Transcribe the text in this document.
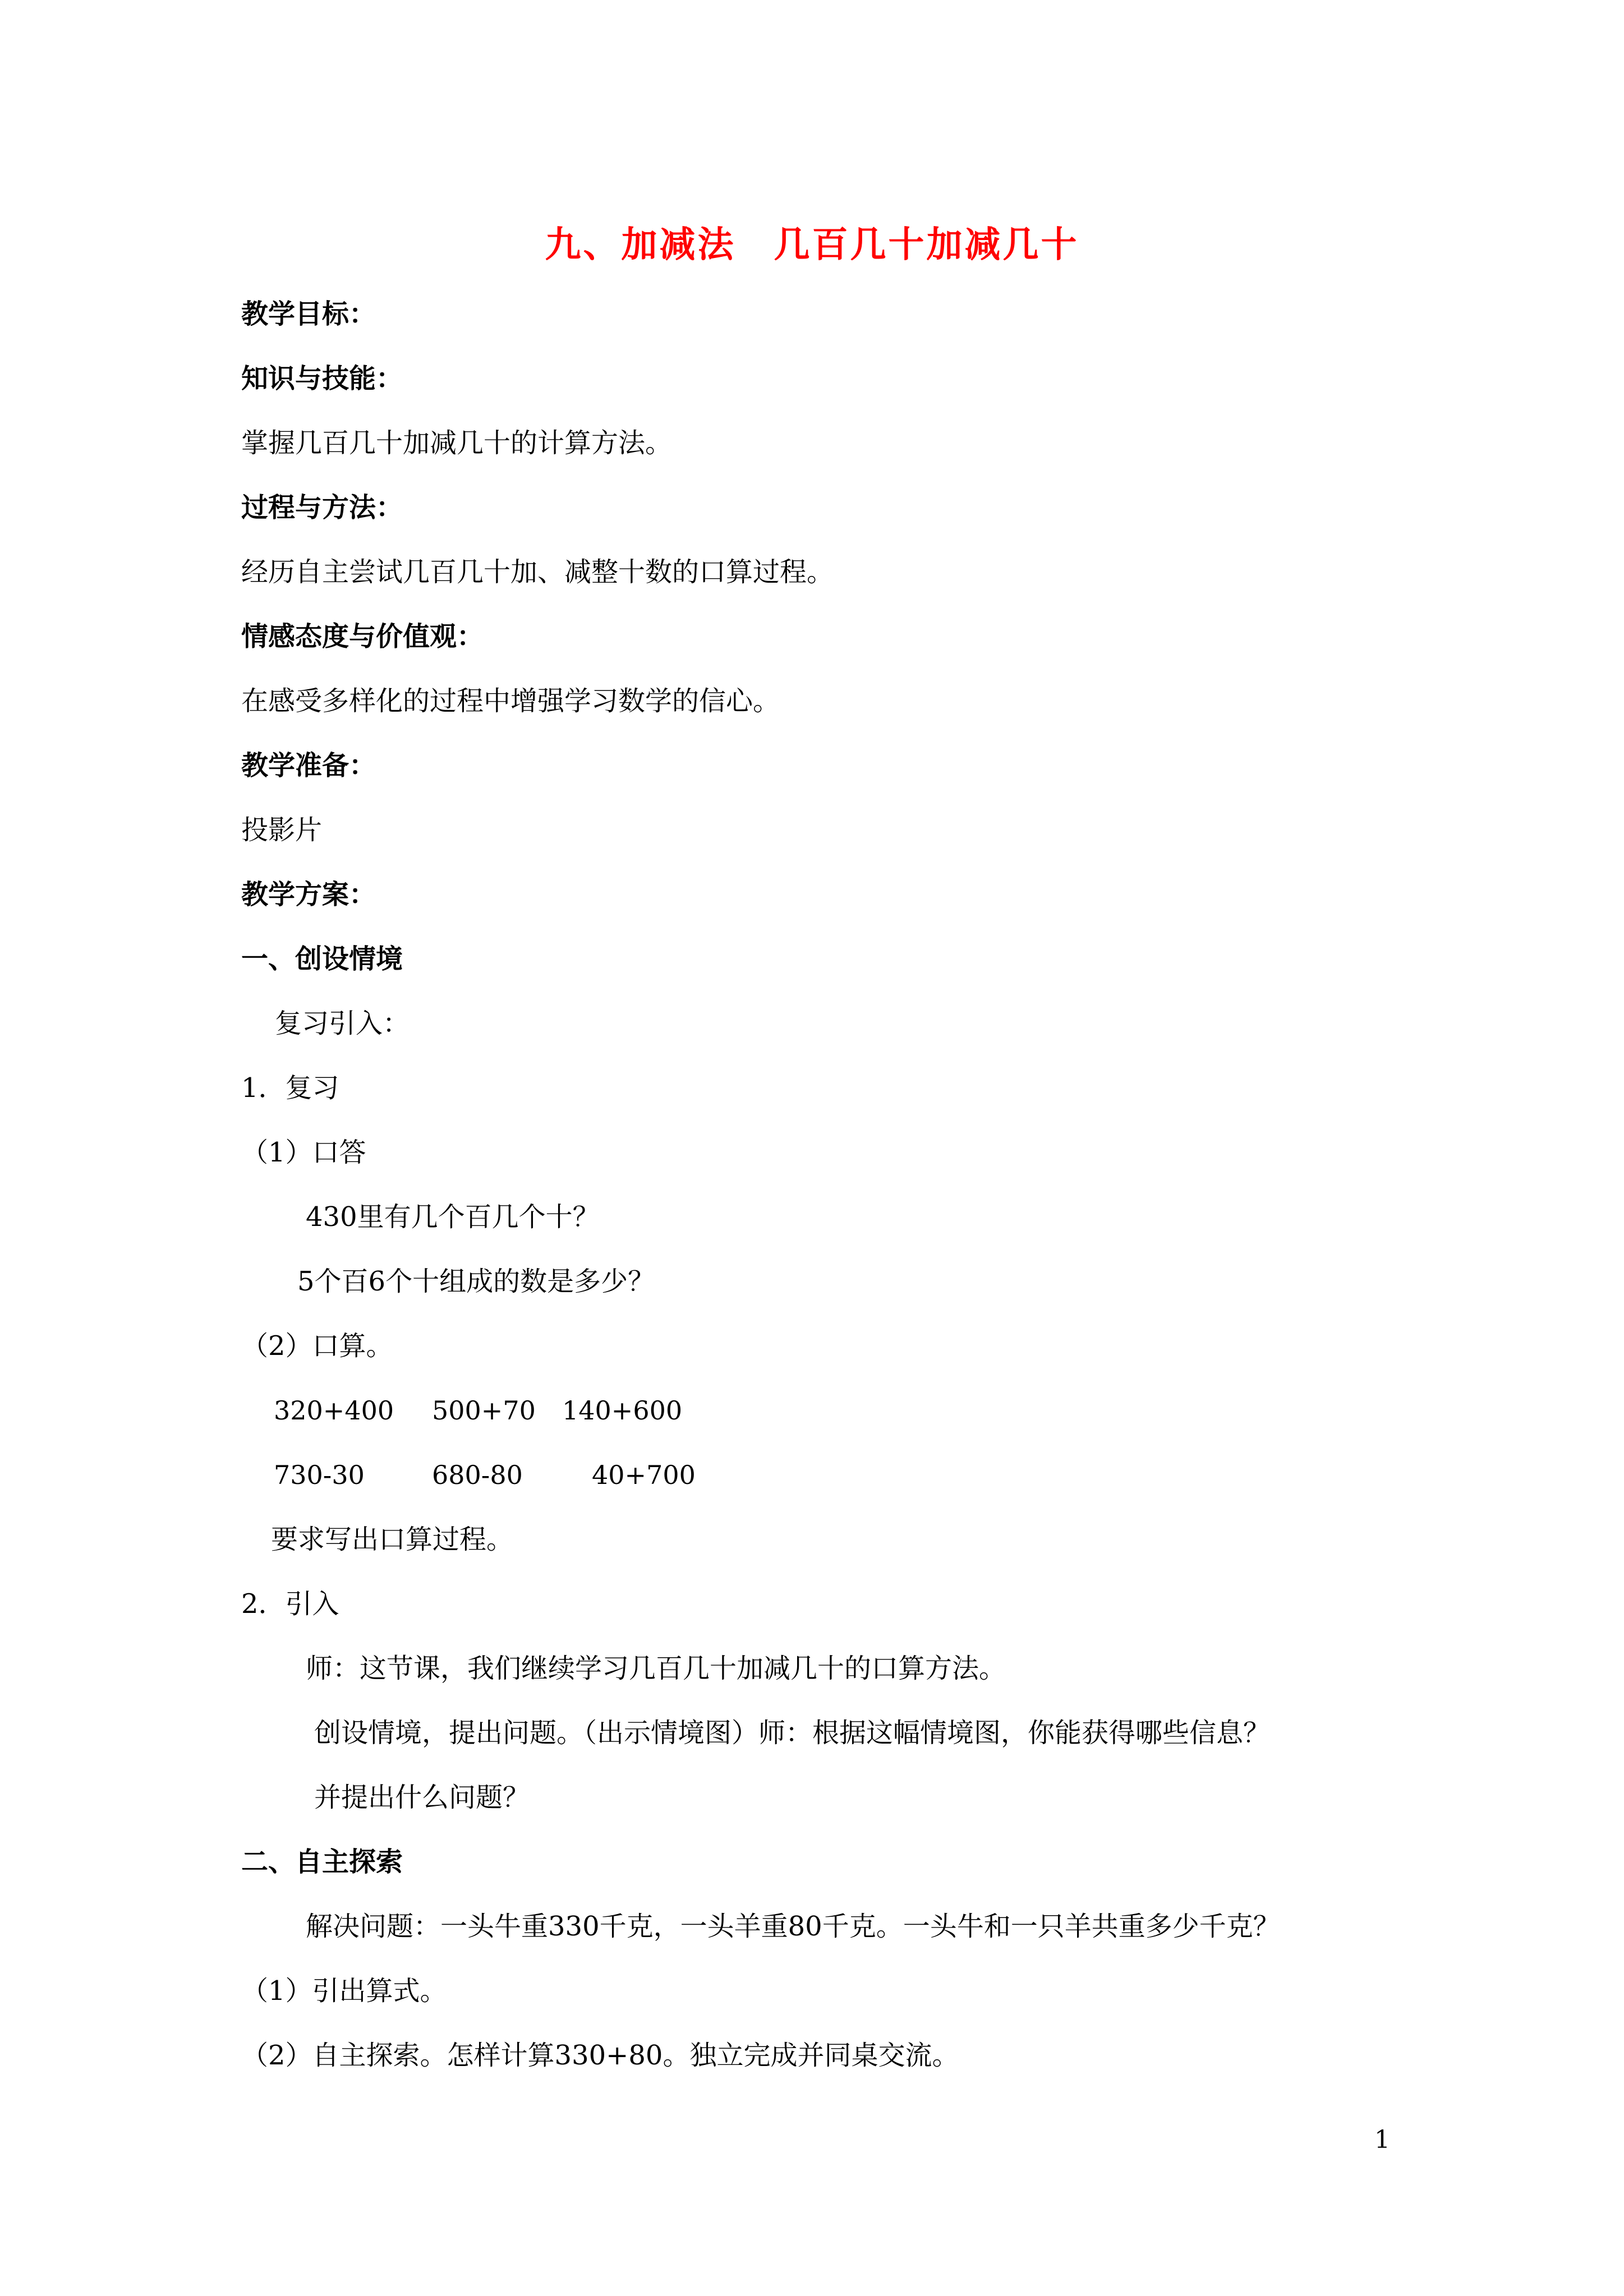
九、加减法　几百几十加减几十
教学目标：
知识与技能：
掌握几百几十加减几十的计算方法。
过程与方法：
经历自主尝试几百几十加、减整十数的口算过程。
情感态度与价值观：
在感受多样化的过程中增强学习数学的信心。
教学准备：
投影片
教学方案：
一、创设情境
复习引入：
1．复习
（1）口答
430里有几个百几个十？
5个百6个十组成的数是多少？
（2）口算。
320+400 500+70 140+600
730-30	680-80	40+700
要求写出口算过程。
2．引入
师：这节课，我们继续学习几百几十加减几十的口算方法。
创设情境，提出问题。（出示情境图）师：根据这幅情境图，你能获得哪些信息？
并提出什么问题？
二、自主探索
解决问题：一头牛重330千克，一头羊重80千克。一头牛和一只羊共重多少千克？
（1）引出算式。
（2）自主探索。怎样计算330+80。独立完成并同桌交流。
1
